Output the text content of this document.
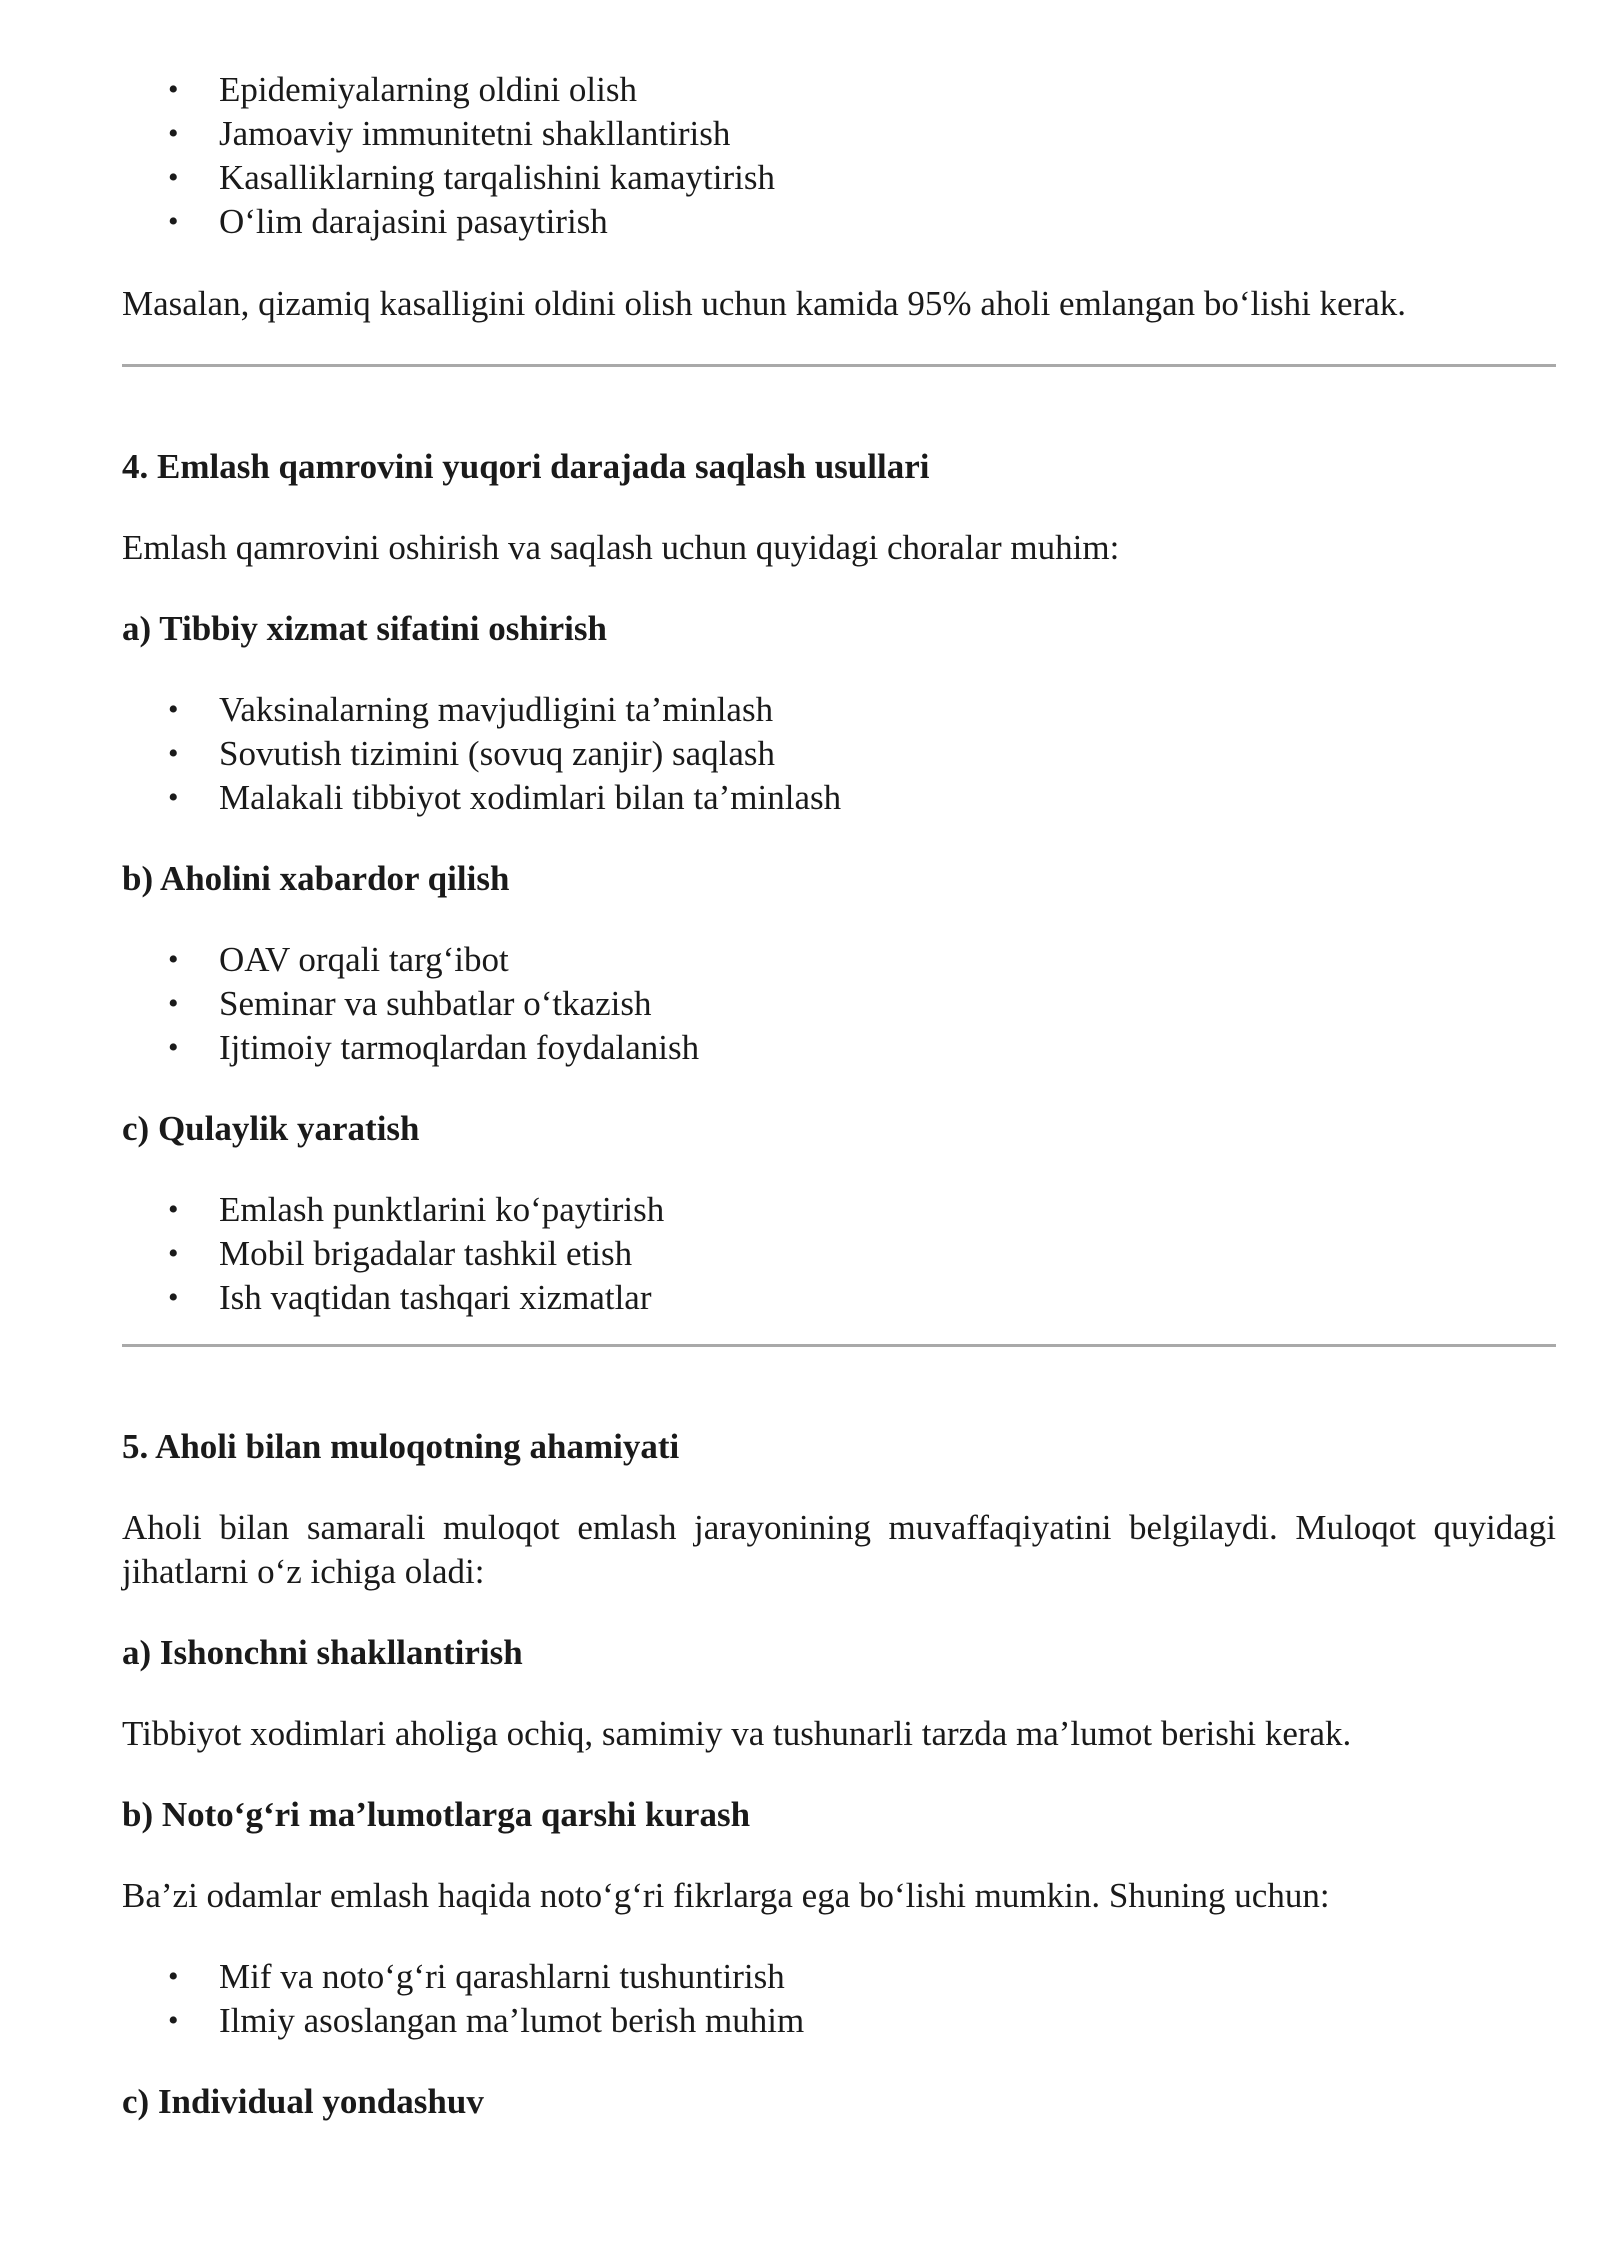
• Epidemiyalarning oldini olish
• Jamoaviy immunitetni shakllantirish
• Kasalliklarning tarqalishini kamaytirish
• O‘lim darajasini pasaytirish

Masalan, qizamiq kasalligini oldini olish uchun kamida 95% aholi emlangan bo‘lishi kerak.

4. Emlash qamrovini yuqori darajada saqlash usullari

Emlash qamrovini oshirish va saqlash uchun quyidagi choralar muhim:

a) Tibbiy xizmat sifatini oshirish
• Vaksinalarning mavjudligini ta’minlash
• Sovutish tizimini (sovuq zanjir) saqlash
• Malakali tibbiyot xodimlari bilan ta’minlash
b) Aholini xabardor qilish
• OAV orqali targ‘ibot
• Seminar va suhbatlar o‘tkazish
• Ijtimoiy tarmoqlardan foydalanish
c) Qulaylik yaratish
• Emlash punktlarini ko‘paytirish
• Mobil brigadalar tashkil etish
• Ish vaqtidan tashqari xizmatlar
5. Aholi bilan muloqotning ahamiyati

Aholi bilan samarali muloqot emlash jarayonining muvaffaqiyatini belgilaydi. Muloqot quyidagi jihatlarni o‘z ichiga oladi:

a) Ishonchni shakllantirish

Tibbiyot xodimlari aholiga ochiq, samimiy va tushunarli tarzda ma’lumot berishi kerak.

b) Noto‘g‘ri ma’lumotlarga qarshi kurash

Ba’zi odamlar emlash haqida noto‘g‘ri fikrlarga ega bo‘lishi mumkin. Shuning uchun:

• Mif va noto‘g‘ri qarashlarni tushuntirish
• Ilmiy asoslangan ma’lumot berish muhim
c) Individual yondashuv
